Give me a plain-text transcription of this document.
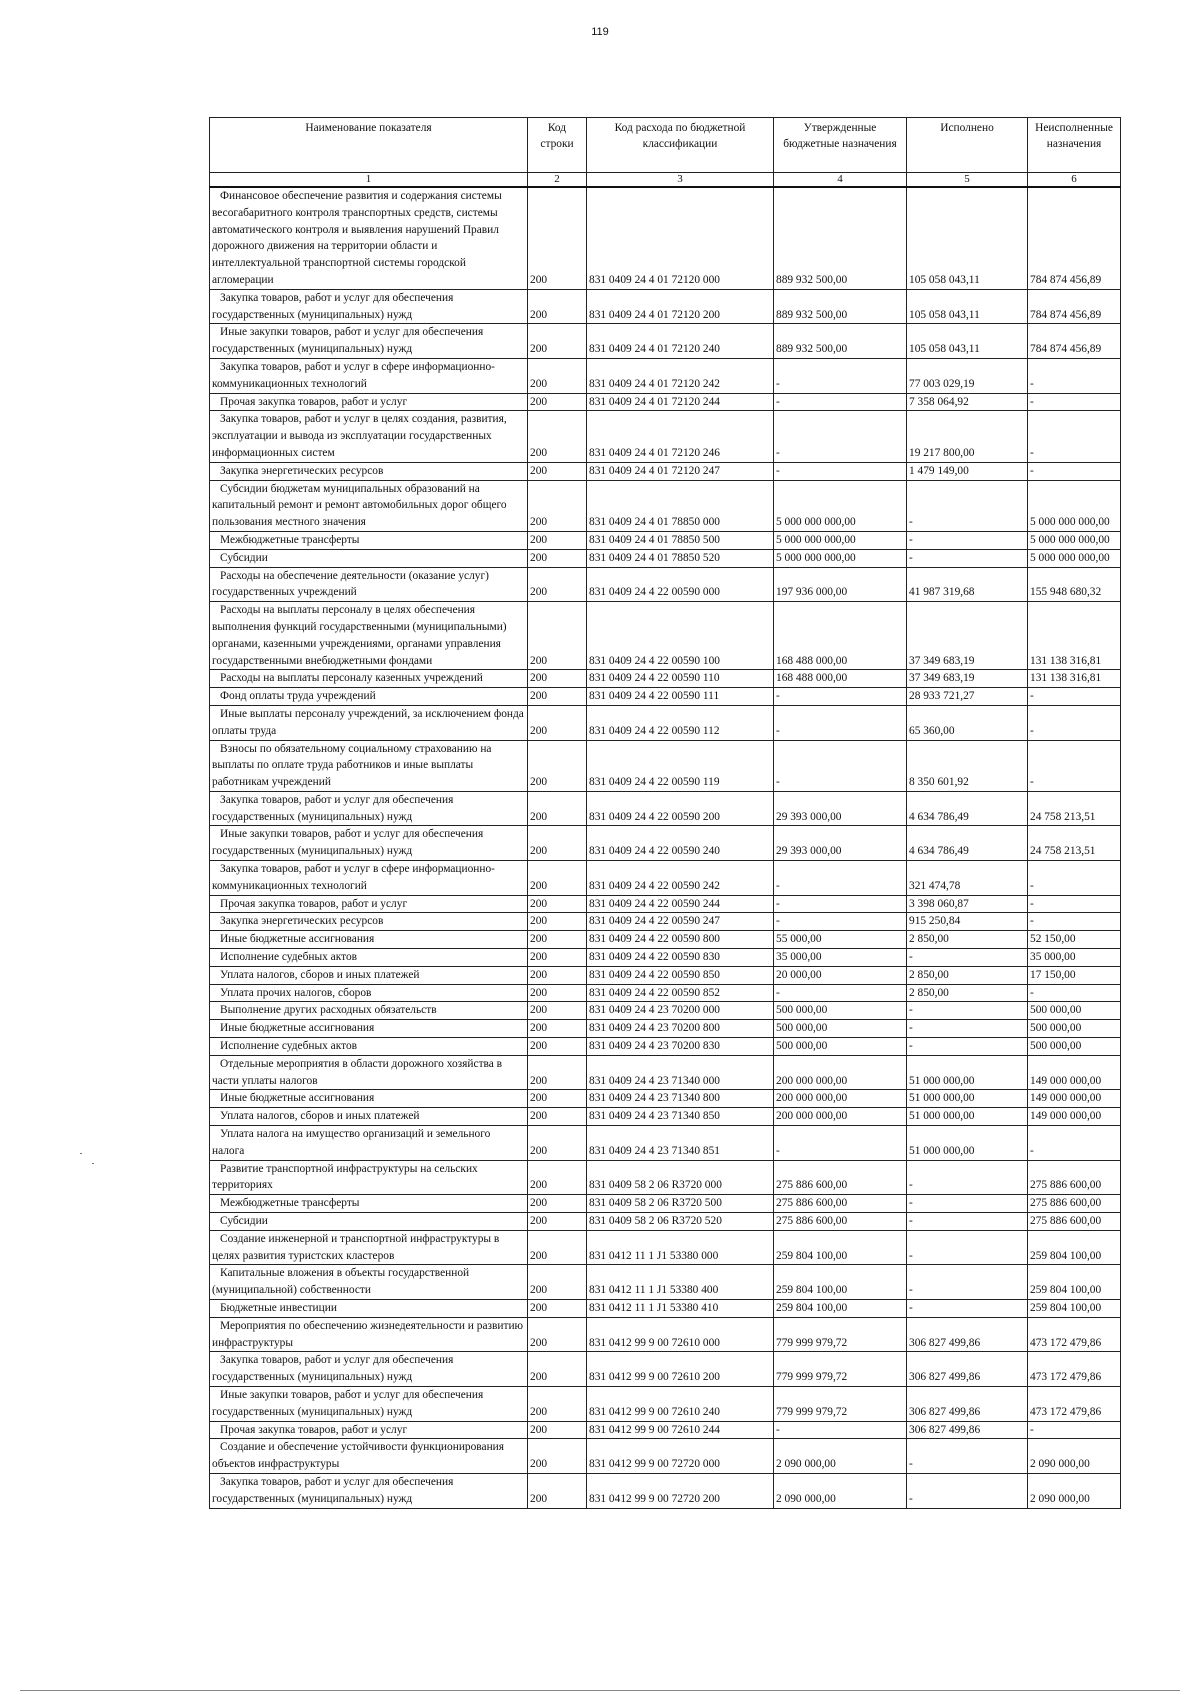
119
Наименование показателя	Код строки	Код расхода по бюджетной классификации	Утвержденные бюджетные назначения	Исполнено	Неисполненные назначения
1	2	3	4	5	6
Финансовое обеспечение развития и содержания системы весогабаритного контроля транспортных средств, системы автоматического контроля и выявления нарушений Правил дорожного движения на территории области и интеллектуальной транспортной системы городской агломерации	200	831 0409 24 4 01 72120 000	889 932 500,00	105 058 043,11	784 874 456,89
Закупка товаров, работ и услуг для обеспечения государственных (муниципальных) нужд	200	831 0409 24 4 01 72120 200	889 932 500,00	105 058 043,11	784 874 456,89
Иные закупки товаров, работ и услуг для обеспечения государственных (муниципальных) нужд	200	831 0409 24 4 01 72120 240	889 932 500,00	105 058 043,11	784 874 456,89
Закупка товаров, работ и услуг в сфере информационно-коммуникационных технологий	200	831 0409 24 4 01 72120 242	-	77 003 029,19	-
Прочая закупка товаров, работ и услуг	200	831 0409 24 4 01 72120 244	-	7 358 064,92	-
Закупка товаров, работ и услуг в целях создания, развития, эксплуатации и вывода из эксплуатации государственных информационных систем	200	831 0409 24 4 01 72120 246	-	19 217 800,00	-
Закупка энергетических ресурсов	200	831 0409 24 4 01 72120 247	-	1 479 149,00	-
Субсидии бюджетам муниципальных образований на капитальный ремонт и ремонт автомобильных дорог общего пользования местного значения	200	831 0409 24 4 01 78850 000	5 000 000 000,00	-	5 000 000 000,00
Межбюджетные трансферты	200	831 0409 24 4 01 78850 500	5 000 000 000,00	-	5 000 000 000,00
Субсидии	200	831 0409 24 4 01 78850 520	5 000 000 000,00	-	5 000 000 000,00
Расходы на обеспечение деятельности (оказание услуг) государственных учреждений	200	831 0409 24 4 22 00590 000	197 936 000,00	41 987 319,68	155 948 680,32
Расходы на выплаты персоналу в целях обеспечения выполнения функций государственными (муниципальными) органами, казенными учреждениями, органами управления государственными внебюджетными фондами	200	831 0409 24 4 22 00590 100	168 488 000,00	37 349 683,19	131 138 316,81
Расходы на выплаты персоналу казенных учреждений	200	831 0409 24 4 22 00590 110	168 488 000,00	37 349 683,19	131 138 316,81
Фонд оплаты труда учреждений	200	831 0409 24 4 22 00590 111	-	28 933 721,27	-
Иные выплаты персоналу учреждений, за исключением фонда оплаты труда	200	831 0409 24 4 22 00590 112	-	65 360,00	-
Взносы по обязательному социальному страхованию на выплаты по оплате труда работников и иные выплаты работникам учреждений	200	831 0409 24 4 22 00590 119	-	8 350 601,92	-
Закупка товаров, работ и услуг для обеспечения государственных (муниципальных) нужд	200	831 0409 24 4 22 00590 200	29 393 000,00	4 634 786,49	24 758 213,51
Иные закупки товаров, работ и услуг для обеспечения государственных (муниципальных) нужд	200	831 0409 24 4 22 00590 240	29 393 000,00	4 634 786,49	24 758 213,51
Закупка товаров, работ и услуг в сфере информационно-коммуникационных технологий	200	831 0409 24 4 22 00590 242	-	321 474,78	-
Прочая закупка товаров, работ и услуг	200	831 0409 24 4 22 00590 244	-	3 398 060,87	-
Закупка энергетических ресурсов	200	831 0409 24 4 22 00590 247	-	915 250,84	-
Иные бюджетные ассигнования	200	831 0409 24 4 22 00590 800	55 000,00	2 850,00	52 150,00
Исполнение судебных актов	200	831 0409 24 4 22 00590 830	35 000,00	-	35 000,00
Уплата налогов, сборов и иных платежей	200	831 0409 24 4 22 00590 850	20 000,00	2 850,00	17 150,00
Уплата прочих налогов, сборов	200	831 0409 24 4 22 00590 852	-	2 850,00	-
Выполнение других расходных обязательств	200	831 0409 24 4 23 70200 000	500 000,00	-	500 000,00
Иные бюджетные ассигнования	200	831 0409 24 4 23 70200 800	500 000,00	-	500 000,00
Исполнение судебных актов	200	831 0409 24 4 23 70200 830	500 000,00	-	500 000,00
Отдельные мероприятия в области дорожного хозяйства в части уплаты налогов	200	831 0409 24 4 23 71340 000	200 000 000,00	51 000 000,00	149 000 000,00
Иные бюджетные ассигнования	200	831 0409 24 4 23 71340 800	200 000 000,00	51 000 000,00	149 000 000,00
Уплата налогов, сборов и иных платежей	200	831 0409 24 4 23 71340 850	200 000 000,00	51 000 000,00	149 000 000,00
Уплата налога на имущество организаций и земельного налога	200	831 0409 24 4 23 71340 851	-	51 000 000,00	-
Развитие транспортной инфраструктуры на сельских территориях	200	831 0409 58 2 06 R3720 000	275 886 600,00	-	275 886 600,00
Межбюджетные трансферты	200	831 0409 58 2 06 R3720 500	275 886 600,00	-	275 886 600,00
Субсидии	200	831 0409 58 2 06 R3720 520	275 886 600,00	-	275 886 600,00
Создание инженерной и транспортной инфраструктуры в целях развития туристских кластеров	200	831 0412 11 1 J1 53380 000	259 804 100,00	-	259 804 100,00
Капитальные вложения в объекты государственной (муниципальной) собственности	200	831 0412 11 1 J1 53380 400	259 804 100,00	-	259 804 100,00
Бюджетные инвестиции	200	831 0412 11 1 J1 53380 410	259 804 100,00	-	259 804 100,00
Мероприятия по обеспечению жизнедеятельности и развитию инфраструктуры	200	831 0412 99 9 00 72610 000	779 999 979,72	306 827 499,86	473 172 479,86
Закупка товаров, работ и услуг для обеспечения государственных (муниципальных) нужд	200	831 0412 99 9 00 72610 200	779 999 979,72	306 827 499,86	473 172 479,86
Иные закупки товаров, работ и услуг для обеспечения государственных (муниципальных) нужд	200	831 0412 99 9 00 72610 240	779 999 979,72	306 827 499,86	473 172 479,86
Прочая закупка товаров, работ и услуг	200	831 0412 99 9 00 72610 244	-	306 827 499,86	-
Создание и обеспечение устойчивости функционирования объектов инфраструктуры	200	831 0412 99 9 00 72720 000	2 090 000,00	-	2 090 000,00
Закупка товаров, работ и услуг для обеспечения государственных (муниципальных) нужд	200	831 0412 99 9 00 72720 200	2 090 000,00	-	2 090 000,00
